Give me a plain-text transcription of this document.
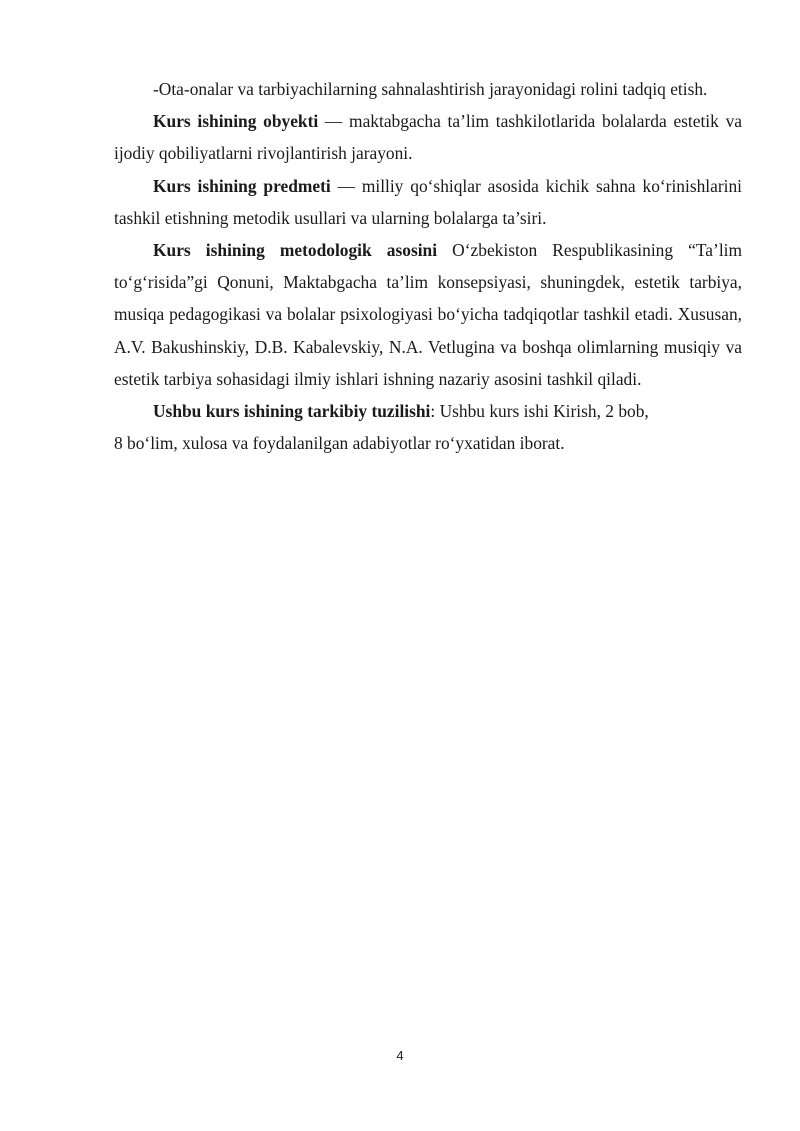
-Ota-onalar va tarbiyachilarning sahnalashtirish jarayonidagi rolini tadqiq etish.

Kurs ishining obyekti — maktabgacha ta’lim tashkilotlarida bolalarda estetik va ijodiy qobiliyatlarni rivojlantirish jarayoni.

Kurs ishining predmeti — milliy qo‘shiqlar asosida kichik sahna ko‘rinishlarini tashkil etishning metodik usullari va ularning bolalarga ta’siri.

Kurs ishining metodologik asosini O‘zbekiston Respublikasining “Ta’lim to‘g‘risida”gi Qonuni, Maktabgacha ta’lim konsepsiyasi, shuningdek, estetik tarbiya, musiqa pedagogikasi va bolalar psixologiyasi bo‘yicha tadqiqotlar tashkil etadi. Xususan, A.V. Bakushinskiy, D.B. Kabalevskiy, N.A. Vetlugina va boshqa olimlarning musiqiy va estetik tarbiya sohasidagi ilmiy ishlari ishning nazariy asosini tashkil qiladi.

Ushbu kurs ishining tarkibiy tuzilishi: Ushbu kurs ishi Kirish, 2 bob,
8 bo‘lim, xulosa va foydalanilgan adabiyotlar ro‘yxatidan iborat.

4
